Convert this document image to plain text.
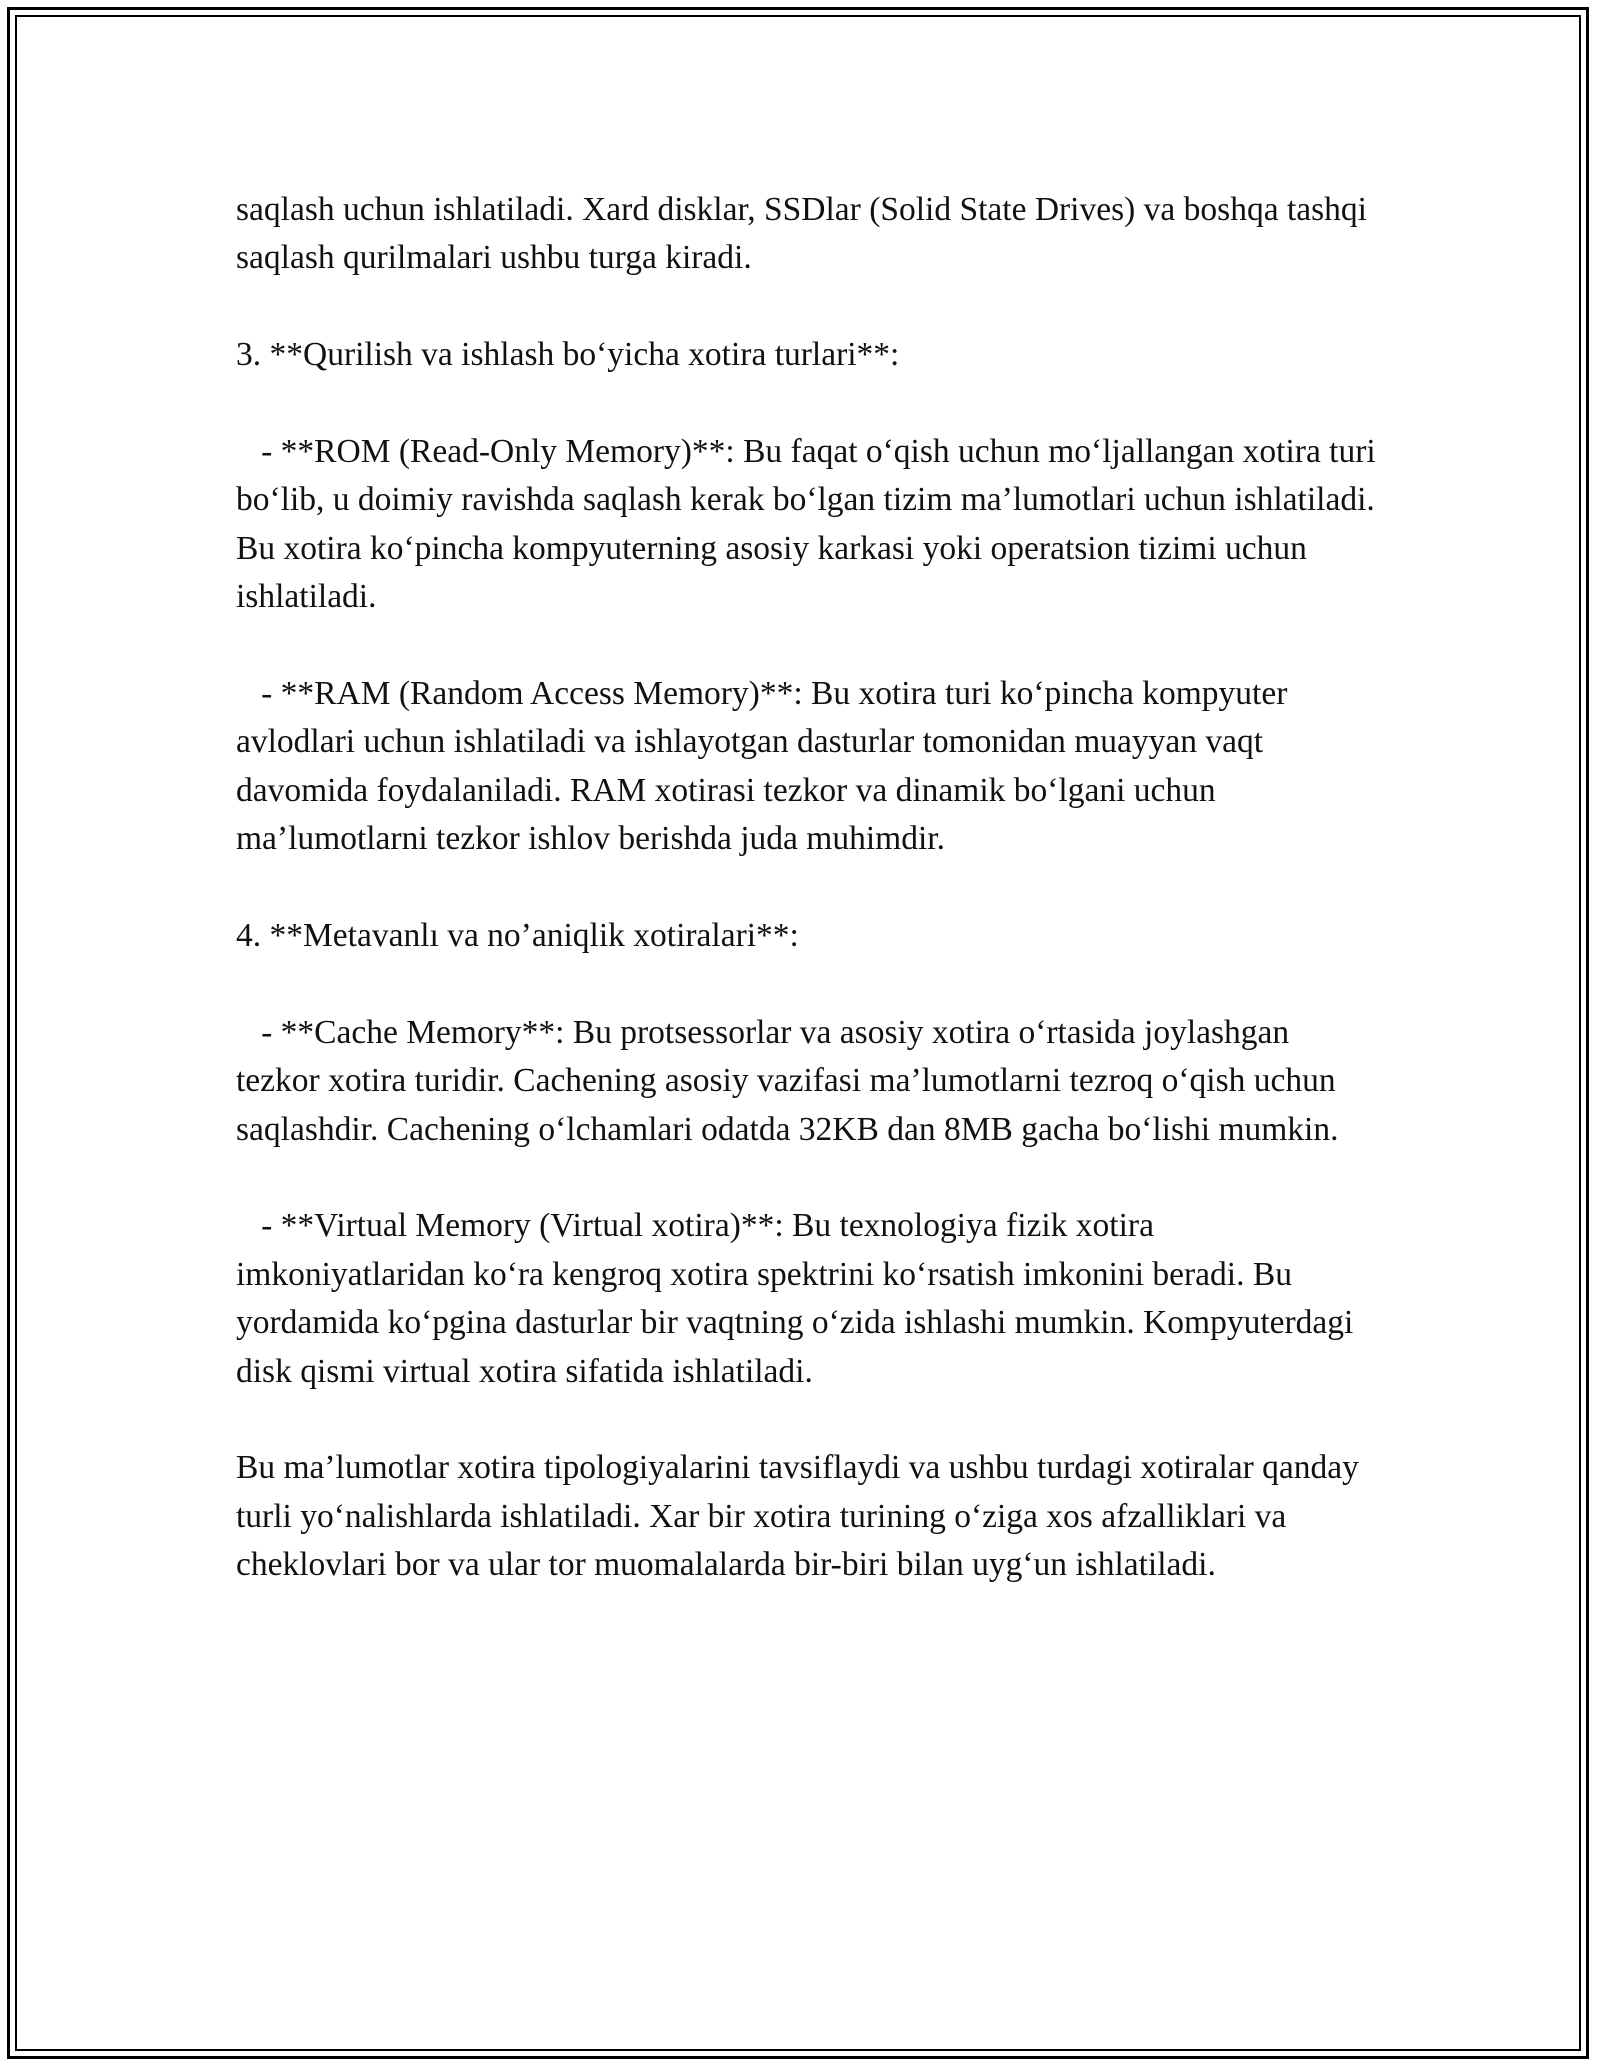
saqlash uchun ishlatiladi. Xard disklar, SSDlar (Solid State Drives) va boshqa tashqi saqlash qurilmalari ushbu turga kiradi.

3. **Qurilish va ishlash bo‘yicha xotira turlari**:

- **ROM (Read-Only Memory)**: Bu faqat o‘qish uchun mo‘ljallangan xotira turi bo‘lib, u doimiy ravishda saqlash kerak bo‘lgan tizim ma’lumotlari uchun ishlatiladi. Bu xotira ko‘pincha kompyuterning asosiy karkasi yoki operatsion tizimi uchun ishlatiladi.

- **RAM (Random Access Memory)**: Bu xotira turi ko‘pincha kompyuter avlodlari uchun ishlatiladi va ishlayotgan dasturlar tomonidan muayyan vaqt davomida foydalaniladi. RAM xotirasi tezkor va dinamik bo‘lgani uchun ma’lumotlarni tezkor ishlov berishda juda muhimdir.

4. **Metavanlı va no’aniqlik xotiralari**:

- **Cache Memory**: Bu protsessorlar va asosiy xotira o‘rtasida joylashgan tezkor xotira turidir. Cachening asosiy vazifasi ma’lumotlarni tezroq o‘qish uchun saqlashdir. Cachening o‘lchamlari odatda 32KB dan 8MB gacha bo‘lishi mumkin.

- **Virtual Memory (Virtual xotira)**: Bu texnologiya fizik xotira imkoniyatlaridan ko‘ra kengroq xotira spektrini ko‘rsatish imkonini beradi. Bu yordamida ko‘pgina dasturlar bir vaqtning o‘zida ishlashi mumkin. Kompyuterdagi disk qismi virtual xotira sifatida ishlatiladi.

Bu ma’lumotlar xotira tipologiyalarini tavsiflaydi va ushbu turdagi xotiralar qanday turli yo‘nalishlarda ishlatiladi. Xar bir xotira turining o‘ziga xos afzalliklari va cheklovlari bor va ular tor muomalalarda bir-biri bilan uyg‘un ishlatiladi.
